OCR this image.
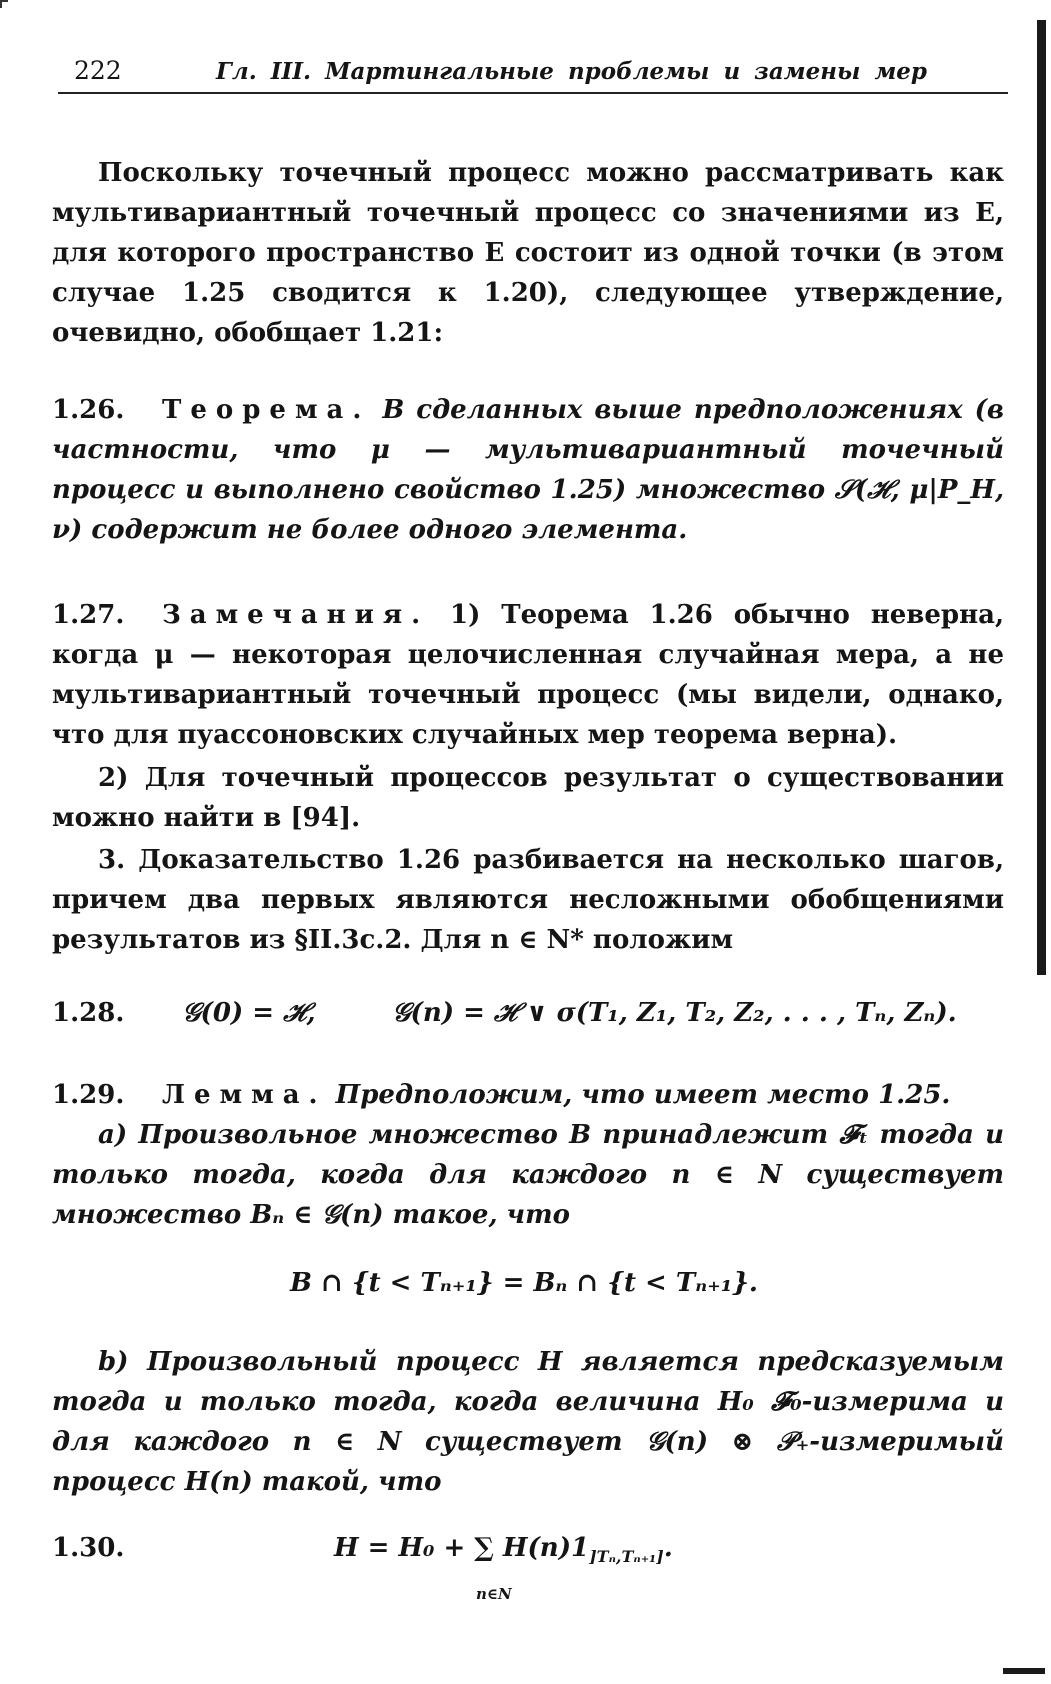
222	Гл. III. Мартингальные проблемы и замены мер

Поскольку точечный процесс можно рассматривать как мультивариантный точечный процесс со значениями из E, для которого пространство E состоит из одной точки (в этом случае 1.25 сводится к 1.20), следующее утверждение, очевидно, обобщает 1.21:

1.26. Теорема. В сделанных выше предположениях (в частности, что μ — мультивариантный точечный процесс и выполнено свойство 1.25) множество 𝒮(ℋ, μ|P_H, ν) содержит не более одного элемента.

1.27. Замечания. 1) Теорема 1.26 обычно неверна, когда μ — некоторая целочисленная случайная мера, а не мультивариантный точечный процесс (мы видели, однако, что для пуассоновских случайных мер теорема верна).

2) Для точечный процессов результат о существовании можно найти в [94].

3. Доказательство 1.26 разбивается на несколько шагов, причем два первых являются несложными обобщениями результатов из §II.3c.2. Для n ∈ N* положим

1.28. 𝒢(0) = ℋ,	𝒢(n) = ℋ ∨ σ(T₁, Z₁, T₂, Z₂, . . . , Tₙ, Zₙ).

1.29. Лемма. Предположим, что имеет место 1.25.

a) Произвольное множество B принадлежит 𝓕ₜ тогда и только тогда, когда для каждого n ∈ N существует множество Bₙ ∈ 𝒢(n) такое, что

B ∩ {t < Tₙ₊₁} = Bₙ ∩ {t < Tₙ₊₁}.

b) Произвольный процесс H является предсказуемым тогда и только тогда, когда величина H₀ 𝓕₀-измерима и для каждого n ∈ N существует 𝒢(n) ⊗ 𝒫₊-измеримый процесс H(n) такой, что

1.30.	H = H₀ + ∑ $H(n)1_{]T_n,T_{n+1}]}$.
n∈N
